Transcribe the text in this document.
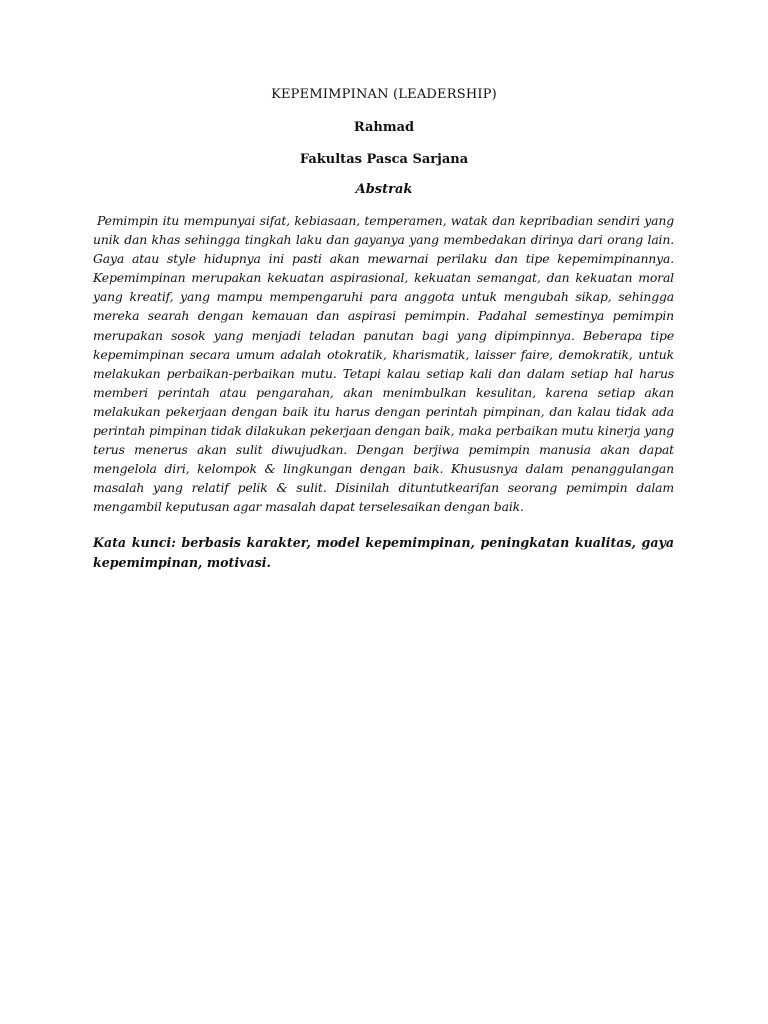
KEPEMIMPINAN (LEADERSHIP)
Rahmad
Fakultas Pasca Sarjana
Abstrak

Pemimpin itu mempunyai sifat, kebiasaan, temperamen, watak dan kepribadian sendiri yang unik dan khas sehingga tingkah laku dan gayanya yang membedakan dirinya dari orang lain. Gaya atau style hidupnya ini pasti akan mewarnai perilaku dan tipe kepemimpinannya. Kepemimpinan merupakan kekuatan aspirasional, kekuatan semangat, dan kekuatan moral yang kreatif, yang mampu mempengaruhi para anggota untuk mengubah sikap, sehingga mereka searah dengan kemauan dan aspirasi pemimpin. Padahal semestinya pemimpin merupakan sosok yang menjadi teladan panutan bagi yang dipimpinnya. Beberapa tipe kepemimpinan secara umum adalah otokratik, kharismatik, laisser faire, demokratik, untuk melakukan perbaikan-perbaikan mutu. Tetapi kalau setiap kali dan dalam setiap hal harus memberi perintah atau pengarahan, akan menimbulkan kesulitan, karena setiap akan melakukan pekerjaan dengan baik itu harus dengan perintah pimpinan, dan kalau tidak ada perintah pimpinan tidak dilakukan pekerjaan dengan baik, maka perbaikan mutu kinerja yang terus menerus akan sulit diwujudkan. Dengan berjiwa pemimpin manusia akan dapat mengelola diri, kelompok & lingkungan dengan baik. Khususnya dalam penanggulangan masalah yang relatif pelik & sulit. Disinilah dituntutkearifan seorang pemimpin dalam mengambil keputusan agar masalah dapat terselesaikan dengan baik.

Kata kunci: berbasis karakter, model kepemimpinan, peningkatan kualitas, gaya kepemimpinan, motivasi.
